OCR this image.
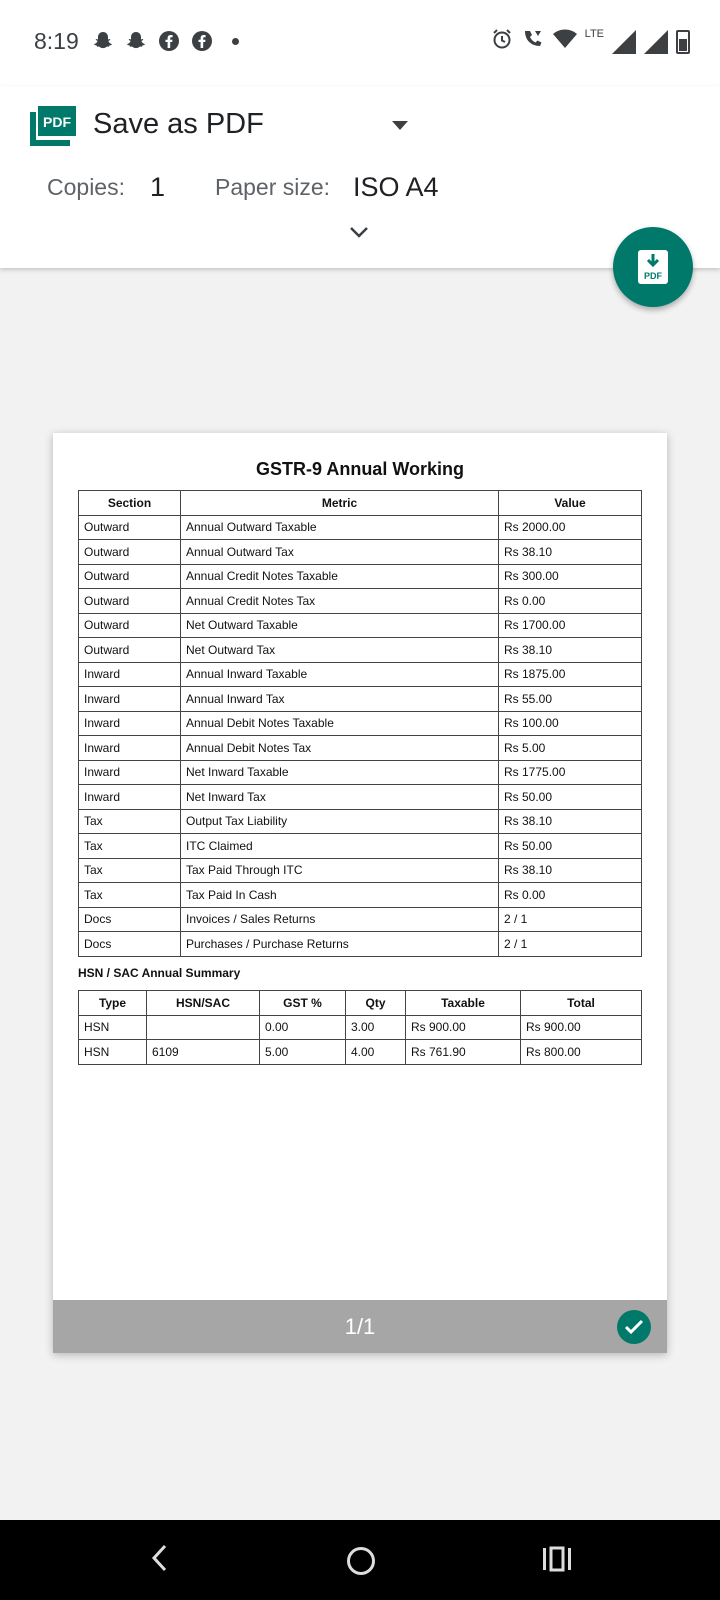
8:19	LTE
PDF Save as PDF
Copies: 1 Paper size: ISO A4
PDF
GSTR-9 Annual Working
Section	Metric	Value
Outward	Annual Outward Taxable	Rs 2000.00
Outward	Annual Outward Tax	Rs 38.10
Outward	Annual Credit Notes Taxable	Rs 300.00
Outward	Annual Credit Notes Tax	Rs 0.00
Outward	Net Outward Taxable	Rs 1700.00
Outward	Net Outward Tax	Rs 38.10
Inward	Annual Inward Taxable	Rs 1875.00
Inward	Annual Inward Tax	Rs 55.00
Inward	Annual Debit Notes Taxable	Rs 100.00
Inward	Annual Debit Notes Tax	Rs 5.00
Inward	Net Inward Taxable	Rs 1775.00
Inward	Net Inward Tax	Rs 50.00
Tax	Output Tax Liability	Rs 38.10
Tax	ITC Claimed	Rs 50.00
Tax	Tax Paid Through ITC	Rs 38.10
Tax	Tax Paid In Cash	Rs 0.00
Docs	Invoices / Sales Returns	2 / 1
Docs	Purchases / Purchase Returns	2 / 1
HSN / SAC Annual Summary
Type	HSN/SAC	GST %	Qty	Taxable	Total
HSN		0.00	3.00	Rs 900.00	Rs 900.00
HSN	6109	5.00	4.00	Rs 761.90	Rs 800.00
1/1
